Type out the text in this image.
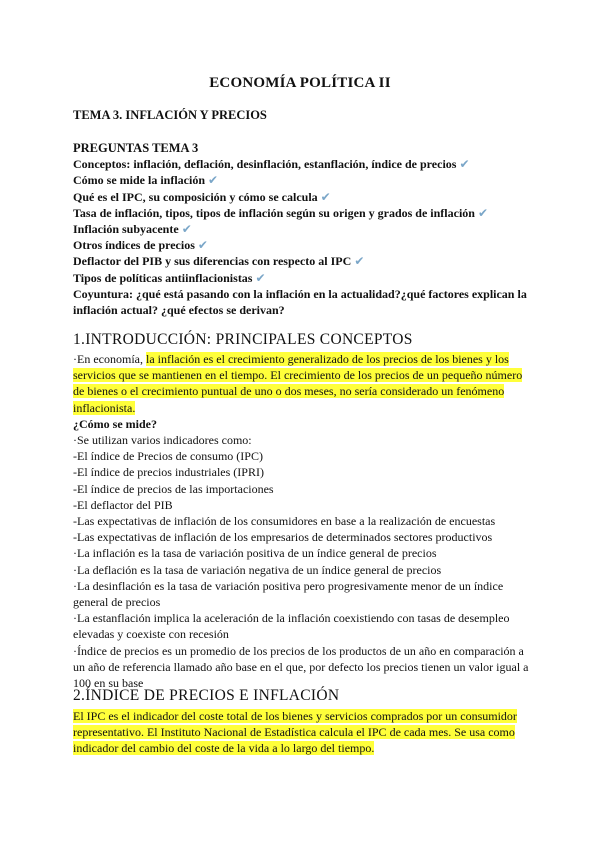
ECONOMÍA POLÍTICA II
TEMA 3. INFLACIÓN Y PRECIOS
PREGUNTAS TEMA 3
Conceptos: inflación, deflación, desinflación, estanflación, índice de precios ✔
Cómo se mide la inflación ✔
Qué es el IPC, su composición y cómo se calcula ✔
Tasa de inflación, tipos, tipos de inflación según su origen y grados de inflación ✔
Inflación subyacente ✔
Otros índices de precios ✔
Deflactor del PIB y sus diferencias con respecto al IPC ✔
Tipos de políticas antiinflacionistas ✔
Coyuntura: ¿qué está pasando con la inflación en la actualidad?¿qué factores explican la inflación actual? ¿qué efectos se derivan?
1.INTRODUCCIÓN: PRINCIPALES CONCEPTOS

·En economía, la inflación es el crecimiento generalizado de los precios de los bienes y los servicios que se mantienen en el tiempo. El crecimiento de los precios de un pequeño número de bienes o el crecimiento puntual de uno o dos meses, no sería considerado un fenómeno inflacionista.

¿Cómo se mide?

·Se utilizan varios indicadores como:

-El índice de Precios de consumo (IPC)

-El índice de precios industriales (IPRI)

-El índice de precios de las importaciones

-El deflactor del PIB

-Las expectativas de inflación de los consumidores en base a la realización de encuestas

-Las expectativas de inflación de los empresarios de determinados sectores productivos

·La inflación es la tasa de variación positiva de un índice general de precios

·La deflación es la tasa de variación negativa de un índice general de precios

·La desinflación es la tasa de variación positiva pero progresivamente menor de un índice general de precios

·La estanflación implica la aceleración de la inflación coexistiendo con tasas de desempleo elevadas y coexiste con recesión

·Índice de precios es un promedio de los precios de los productos de un año en comparación a un año de referencia llamado año base en el que, por defecto los precios tienen un valor igual a 100 en su base

2.ÍNDICE DE PRECIOS E INFLACIÓN

El IPC es el indicador del coste total de los bienes y servicios comprados por un consumidor representativo. El Instituto Nacional de Estadística calcula el IPC de cada mes. Se usa como indicador del cambio del coste de la vida a lo largo del tiempo.
